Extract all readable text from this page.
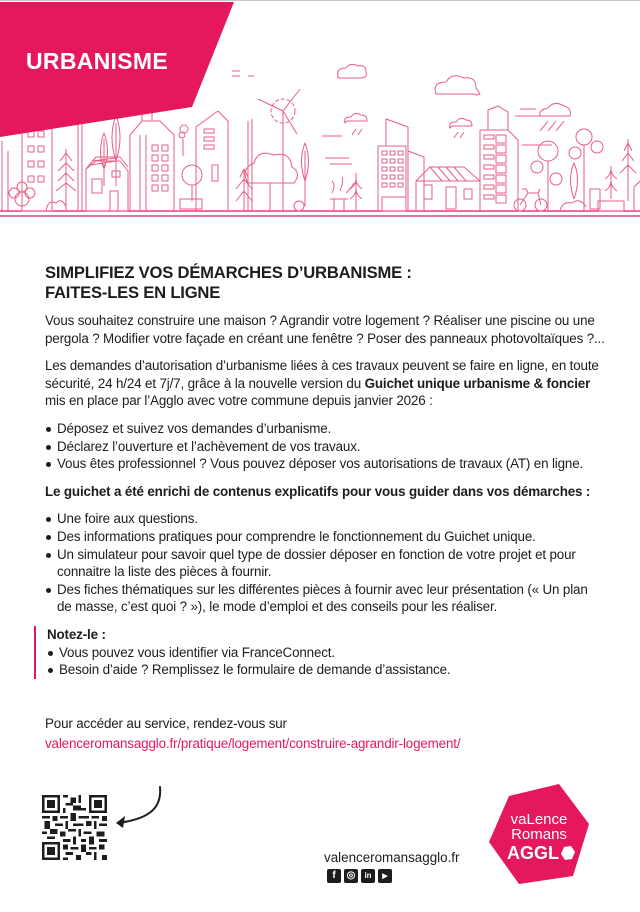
URBANISME
SIMPLIFIEZ VOS DÉMARCHES D’URBANISME :
FAITES-LES EN LIGNE

Vous souhaitez construire une maison ? Agrandir votre logement ? Réaliser une piscine ou une pergola ? Modifier votre façade en créant une fenêtre ? Poser des panneaux photovoltaïques ?...

Les demandes d’autorisation d’urbanisme liées à ces travaux peuvent se faire en ligne, en toute sécurité, 24 h/24 et 7j/7, grâce à la nouvelle version du Guichet unique urbanisme & foncier mis en place par l’Agglo avec votre commune depuis janvier 2026 :

Déposez et suivez vos demandes d’urbanisme.
Déclarez l’ouverture et l’achèvement de vos travaux.
Vous êtes professionnel ? Vous pouvez déposer vos autorisations de travaux (AT) en ligne.

Le guichet a été enrichi de contenus explicatifs pour vous guider dans vos démarches :

Une foire aux questions.
Des informations pratiques pour comprendre le fonctionnement du Guichet unique.
Un simulateur pour savoir quel type de dossier déposer en fonction de votre projet et pour connaitre la liste des pièces à fournir.
Des fiches thématiques sur les différentes pièces à fournir avec leur présentation (« Un plan de masse, c’est quoi ? »), le mode d’emploi et des conseils pour les réaliser.
Notez-le :
Vous pouvez vous identifier via FranceConnect.
Besoin d’aide ? Remplissez le formulaire de demande d’assistance.
Pour accéder au service, rendez-vous sur
valenceromansagglo.fr/pratique/logement/construire-agrandir-logement/
valenceromansagglo.fr
f ◎ in ▶
vaLence
Romans
AGGL
